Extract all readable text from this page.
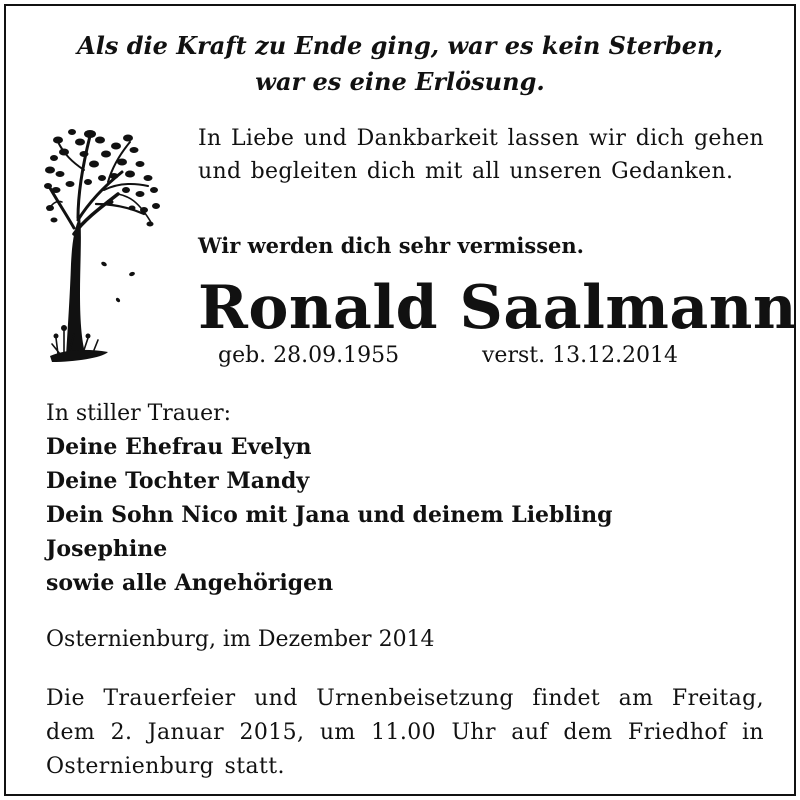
Als die Kraft zu Ende ging, war es kein Sterben,
war es eine Erlösung.
In Liebe und Dankbarkeit lassen wir dich gehen und begleiten dich mit all unseren Gedanken.
Wir werden dich sehr vermissen.
Ronald Saalmann
geb. 28.09.1955	verst. 13.12.2014
In stiller Trauer:
Deine Ehefrau Evelyn
Deine Tochter Mandy
Dein Sohn Nico mit Jana und deinem Liebling
Josephine
sowie alle Angehörigen
Osternienburg, im Dezember 2014
Die Trauerfeier und Urnenbeisetzung findet am Freitag, dem 2. Januar 2015, um 11.00 Uhr auf dem Friedhof in Osternienburg statt.
